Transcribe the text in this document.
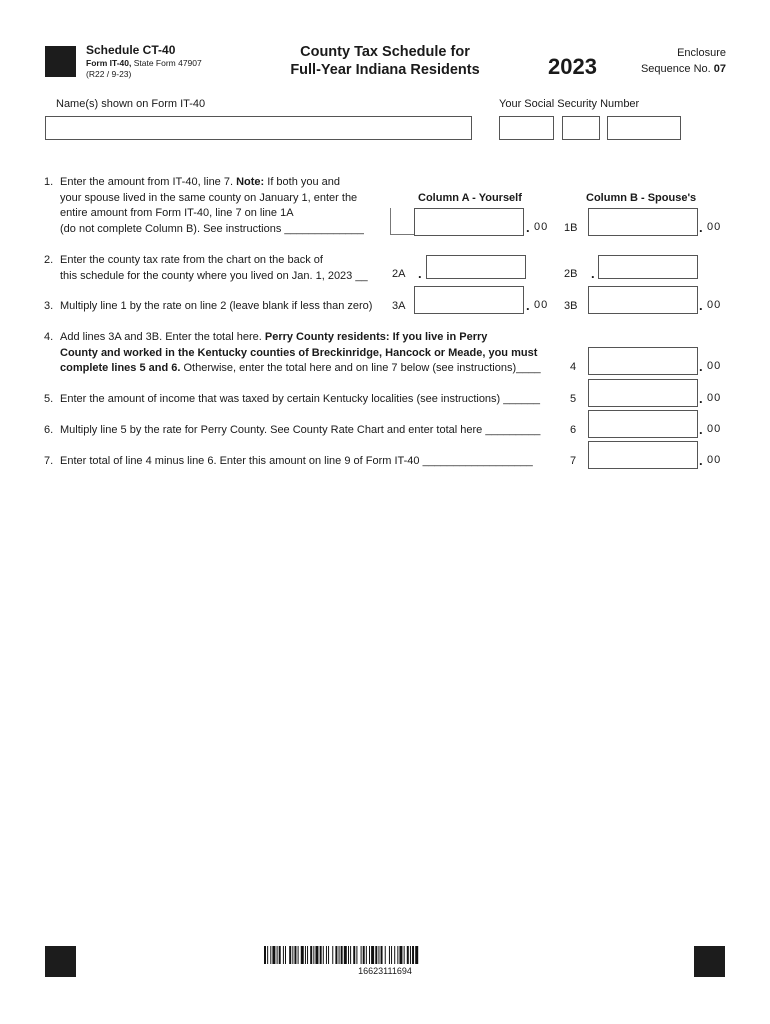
Schedule CT-40
Form IT-40, State Form 47907
(R22 / 9-23)
County Tax Schedule for
Full-Year Indiana Residents	2023
Enclosure
Sequence No. 07
Name(s) shown on Form IT-40	Your Social Security Number
Column A - Yourself	Column B - Spouse's
1. Enter the amount from IT-40, line 7. Note: If both you and
your spouse lived in the same county on January 1, enter the
entire amount from Form IT-40, line 7 on line 1A
(do not complete Column B). See instructions _____________	. 00 1B	. 00
2. Enter the county tax rate from the chart on the back of
this schedule for the county where you lived on Jan. 1, 2023 __	2A .	2B .
3. Multiply line 1 by the rate on line 2 (leave blank if less than zero)	3A	. 00 3B	. 00
4. Add lines 3A and 3B. Enter the total here. Perry County residents: If you live in Perry
County and worked in the Kentucky counties of Breckinridge, Hancock or Meade, you must
complete lines 5 and 6. Otherwise, enter the total here and on line 7 below (see instructions)____	4	. 00
5. Enter the amount of income that was taxed by certain Kentucky localities (see instructions) ______	5	. 00
6. Multiply line 5 by the rate for Perry County. See County Rate Chart and enter total here _________	6	. 00
7. Enter total of line 4 minus line 6. Enter this amount on line 9 of Form IT-40 __________________	7	. 00
16623111694
